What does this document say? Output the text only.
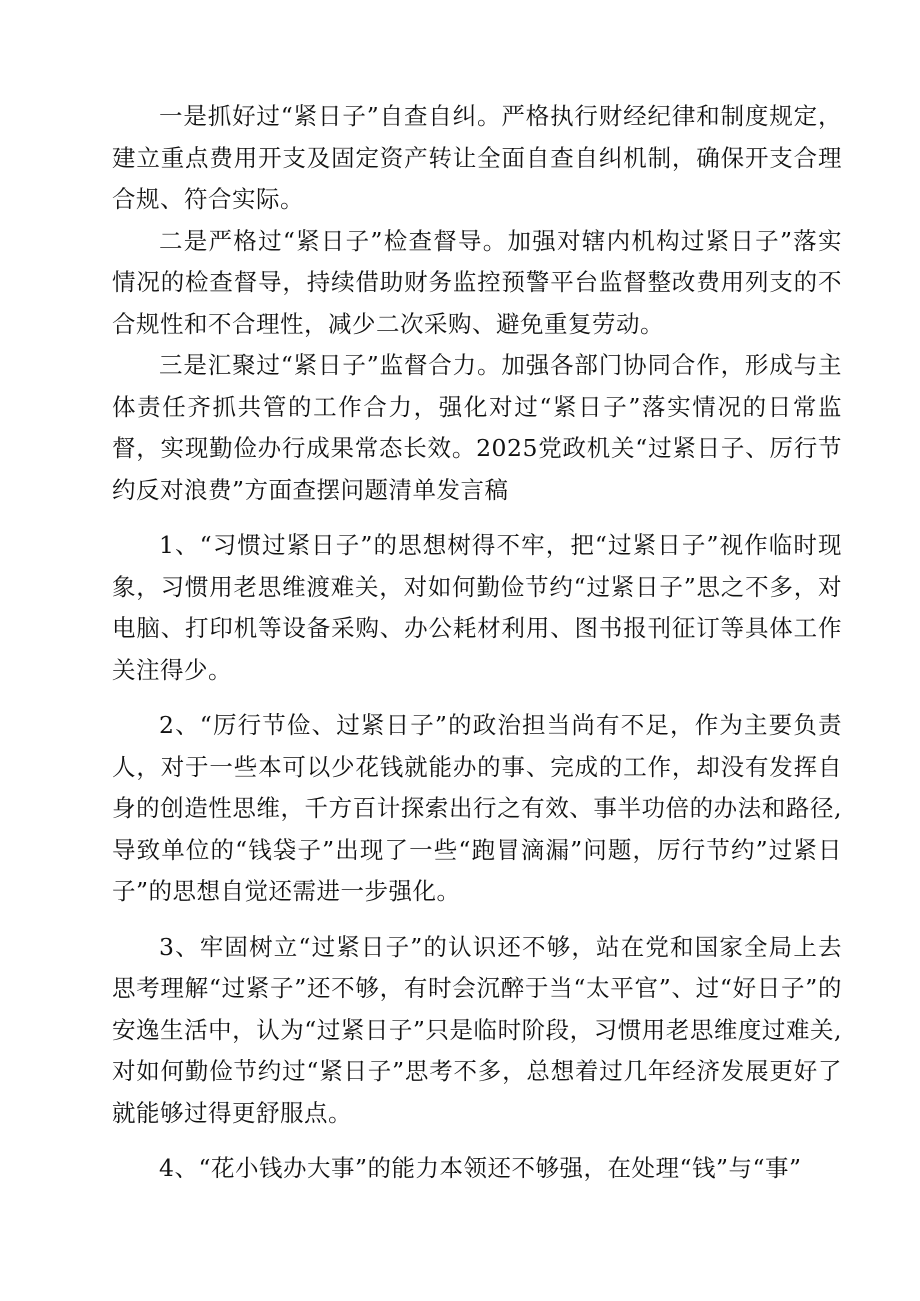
一是抓好过“紧日子”自查自纠。严格执行财经纪律和制度规定，建立重点费用开支及固定资产转让全面自查自纠机制，确保开支合理合规、符合实际。

二是严格过“紧日子”检查督导。加强对辖内机构过紧日子”落实情况的检查督导，持续借助财务监控预警平台监督整改费用列支的不合规性和不合理性，减少二次采购、避免重复劳动。

三是汇聚过“紧日子”监督合力。加强各部门协同合作，形成与主体责任齐抓共管的工作合力，强化对过“紧日子”落实情况的日常监督，实现勤俭办行成果常态长效。2025党政机关“过紧日子、厉行节约反对浪费”方面查摆问题清单发言稿

1、“习惯过紧日子”的思想树得不牢，把“过紧日子”视作临时现象，习惯用老思维渡难关，对如何勤俭节约“过紧日子”思之不多，对电脑、打印机等设备采购、办公耗材利用、图书报刊征订等具体工作关注得少。

2、“厉行节俭、过紧日子”的政治担当尚有不足，作为主要负责人，对于一些本可以少花钱就能办的事、完成的工作，却没有发挥自身的创造性思维，千方百计探索出行之有效、事半功倍的办法和路径,导致单位的“钱袋子”出现了一些“跑冒滴漏”问题，厉行节约”过紧日子”的思想自觉还需进一步强化。

3、牢固树立“过紧日子”的认识还不够，站在党和国家全局上去思考理解“过紧子”还不够，有时会沉醉于当“太平官”、过“好日子”的安逸生活中，认为“过紧日子”只是临时阶段，习惯用老思维度过难关,对如何勤俭节约过“紧日子”思考不多，总想着过几年经济发展更好了就能够过得更舒服点。

4、“花小钱办大事”的能力本领还不够强，在处理“钱”与“事”
